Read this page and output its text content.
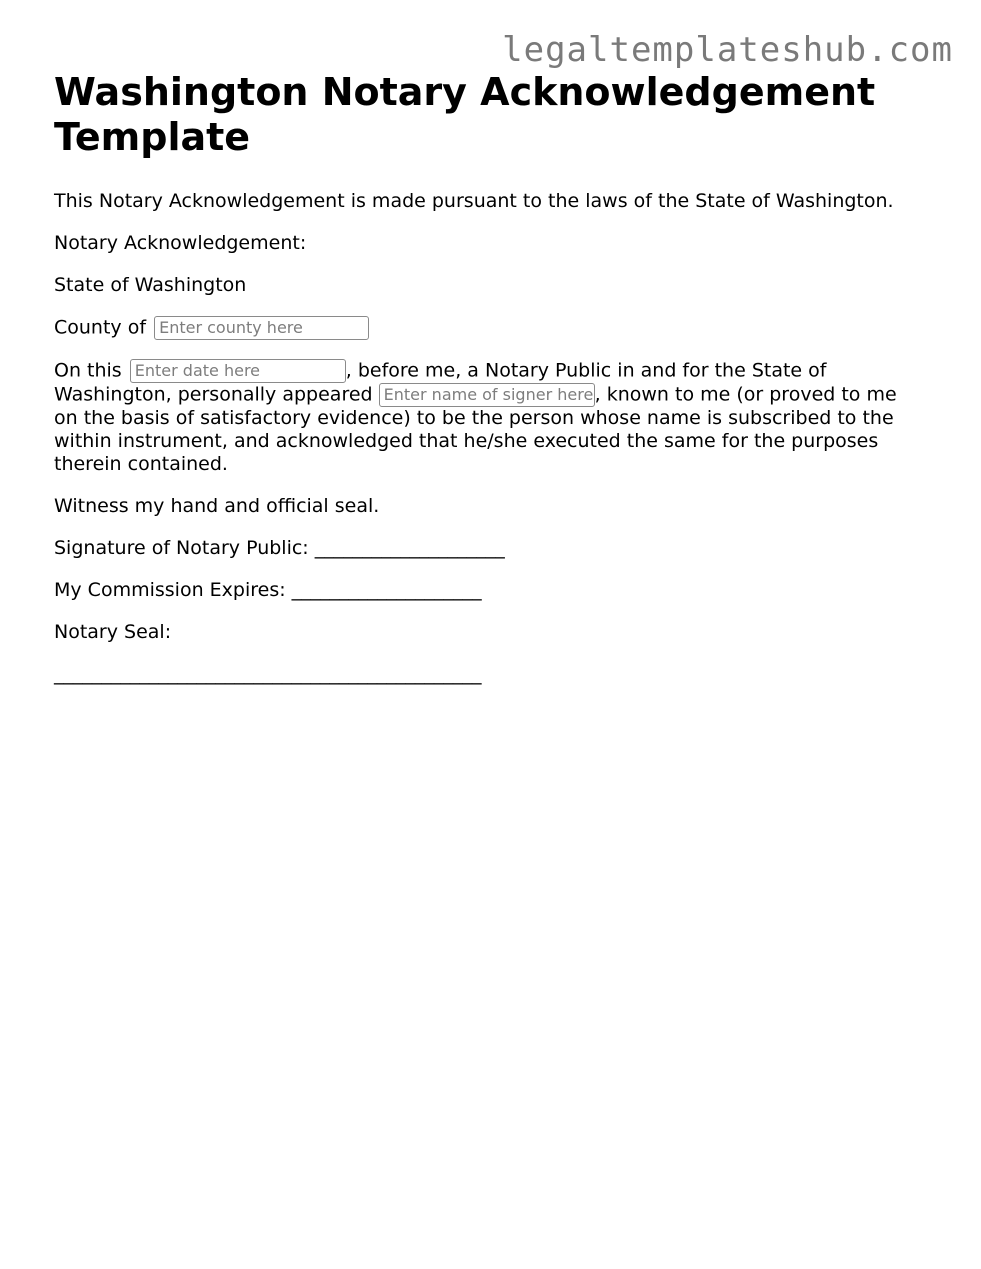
legaltemplateshub.com
Washington Notary Acknowledgement Template

This Notary Acknowledgement is made pursuant to the laws of the State of Washington.

Notary Acknowledgement:

State of Washington

County of Enter county here

On this Enter date here	, before me, a Notary Public in and for the State of Washington, personally appeared Enter name of signer here, known to me (or proved to me on the basis of satisfactory evidence) to be the person whose name is subscribed to the within instrument, and acknowledged that he/she executed the same for the purposes therein contained.

Witness my hand and official seal.

Signature of Notary Public: ____________________

My Commission Expires: ____________________

Notary Seal:

_____________________________________________
